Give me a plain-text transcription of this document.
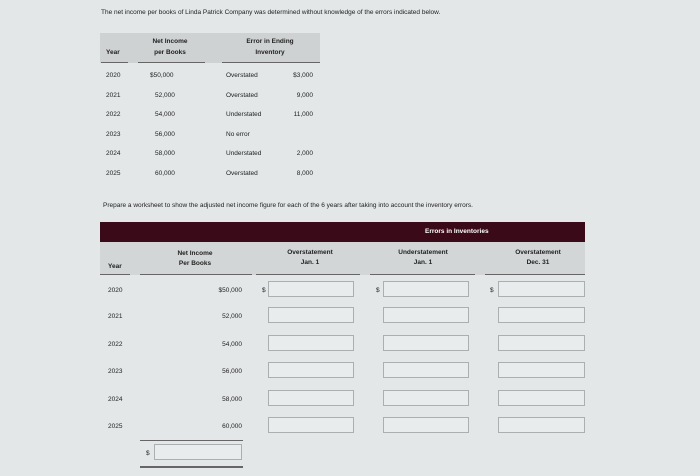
The net income per books of Linda Patrick Company was determined without knowledge of the errors indicated below.
Year
Net Income
per Books
Error in Ending
Inventory
2020	$50,000	Overstated	$3,000
2021	52,000	Overstated	9,000
2022	54,000	Understated	11,000
2023	56,000	No error
2024	58,000	Understated	2,000
2025	60,000	Overstated	8,000
Prepare a worksheet to show the adjusted net income figure for each of the 6 years after taking into account the inventory errors.
Errors in Inventories
Year
Net Income
Per Books
Overstatement
Jan. 1
Understatement
Jan. 1
Overstatement
Dec. 31
2020	$50,000	$	$	$
2021	52,000
2022	54,000
2023	56,000
2024	58,000
2025	60,000
$
